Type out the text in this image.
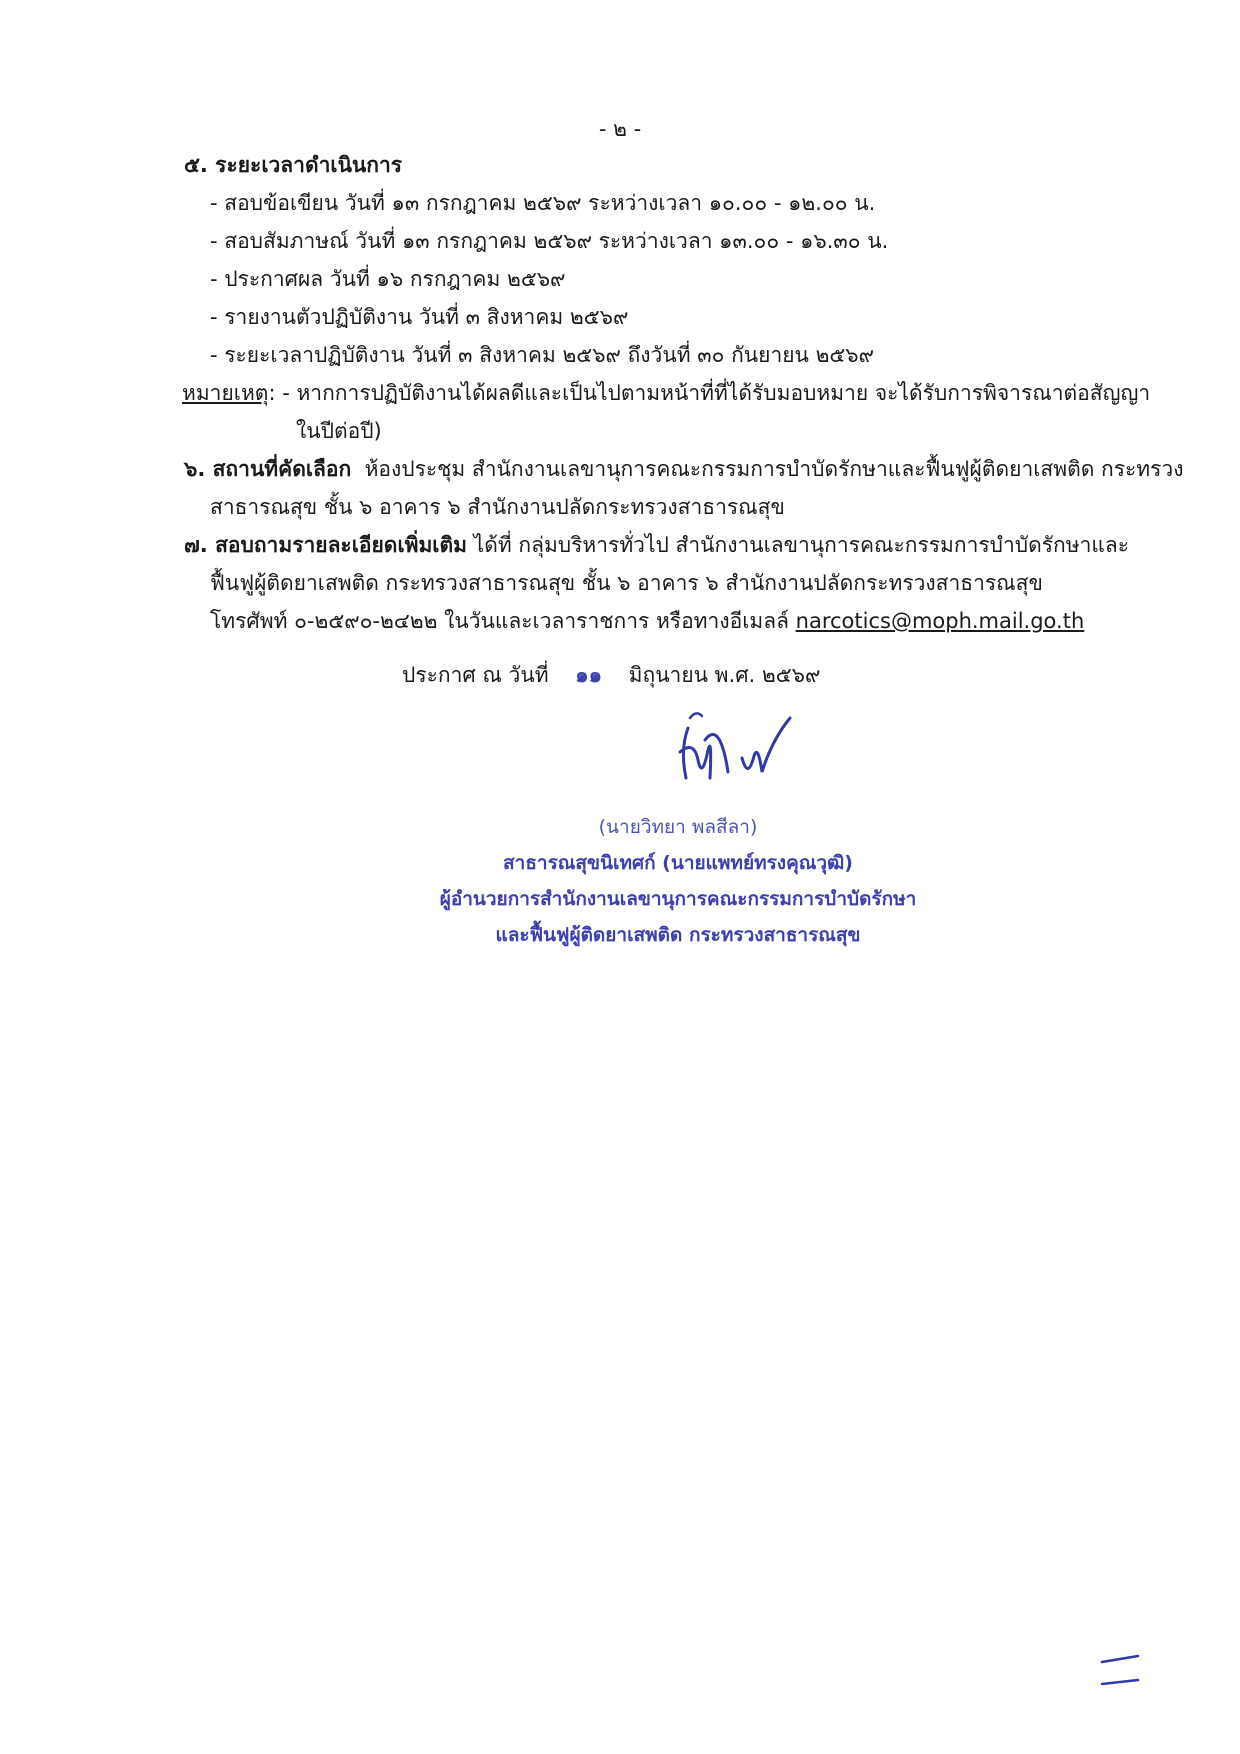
- ๒ -
๕. ระยะเวลาดำเนินการ
- สอบข้อเขียน วันที่ ๑๓ กรกฎาคม ๒๕๖๙ ระหว่างเวลา ๑๐.๐๐ - ๑๒.๐๐ น.
- สอบสัมภาษณ์ วันที่ ๑๓ กรกฎาคม ๒๕๖๙ ระหว่างเวลา ๑๓.๐๐ - ๑๖.๓๐ น.
- ประกาศผล วันที่ ๑๖ กรกฎาคม ๒๕๖๙
- รายงานตัวปฏิบัติงาน วันที่ ๓ สิงหาคม ๒๕๖๙
- ระยะเวลาปฏิบัติงาน วันที่ ๓ สิงหาคม ๒๕๖๙ ถึงวันที่ ๓๐ กันยายน ๒๕๖๙
หมายเหตุ: - หากการปฏิบัติงานได้ผลดีและเป็นไปตามหน้าที่ที่ได้รับมอบหมาย จะได้รับการพิจารณาต่อสัญญา
ในปีต่อปี)
๖. สถานที่คัดเลือก ห้องประชุม สำนักงานเลขานุการคณะกรรมการบำบัดรักษาและฟื้นฟูผู้ติดยาเสพติด กระทรวง
สาธารณสุข ชั้น ๖ อาคาร ๖ สำนักงานปลัดกระทรวงสาธารณสุข
๗. สอบถามรายละเอียดเพิ่มเติม ได้ที่ กลุ่มบริหารทั่วไป สำนักงานเลขานุการคณะกรรมการบำบัดรักษาและ
ฟื้นฟูผู้ติดยาเสพติด กระทรวงสาธารณสุข ชั้น ๖ อาคาร ๖ สำนักงานปลัดกระทรวงสาธารณสุข
โทรศัพท์ ๐-๒๕๙๐-๒๔๒๒ ในวันและเวลาราชการ หรือทางอีเมลล์ narcotics@moph.mail.go.th
ประกาศ ณ วันที่ ๑๑ มิถุนายน พ.ศ. ๒๕๖๙
(นายวิทยา พลสีลา)
สาธารณสุขนิเทศก์ (นายแพทย์ทรงคุณวุฒิ)
ผู้อำนวยการสำนักงานเลขานุการคณะกรรมการบำบัดรักษา
และฟื้นฟูผู้ติดยาเสพติด กระทรวงสาธารณสุข
